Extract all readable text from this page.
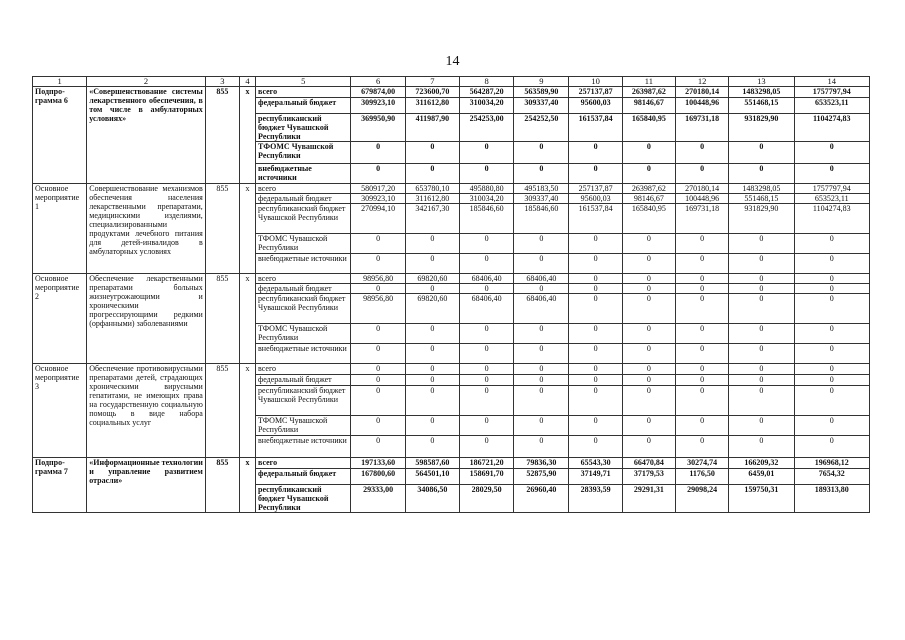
14
1	2	3	4	5	6	7	8	9	10	11	12	13	14
Подпро-грамма 6	«Совершенствование системы лекарственного обеспечения, в том числе в амбулаторных условиях»	855	x	всего	679874,00	723600,70	564287,20	563589,90	257137,87	263987,62	270180,14	1483298,05	1757797,94
				федеральный бюджет	309923,10	311612,80	310034,20	309337,40	95600,03	98146,67	100448,96	551468,15	653523,11
				республиканский бюджет Чувашской Республики	369950,90	411987,90	254253,00	254252,50	161537,84	165840,95	169731,18	931829,90	1104274,83
				ТФОМС Чувашской Республики	0	0	0	0	0	0	0	0	0
				внебюджетные источники	0	0	0	0	0	0	0	0	0
Основное мероприятие 1	Совершенствование механизмов обеспечения населения лекарственными препаратами, медицинскими изделиями, специализированными продуктами лечебного питания для детей-инвалидов в амбулаторных условиях	855	x	всего	580917,20	653780,10	495880,80	495183,50	257137,87	263987,62	270180,14	1483298,05	1757797,94
				федеральный бюджет	309923,10	311612,80	310034,20	309337,40	95600,03	98146,67	100448,96	551468,15	653523,11
				республиканский бюджет Чувашской Республики	270994,10	342167,30	185846,60	185846,60	161537,84	165840,95	169731,18	931829,90	1104274,83
				ТФОМС Чувашской Республики	0	0	0	0	0	0	0	0	0
				внебюджетные источники	0	0	0	0	0	0	0	0	0
Основное мероприятие 2	Обеспечение лекарственными препаратами больных жизнеугрожающими и хроническими прогрессирующими редкими (орфанными) заболеваниями	855	x	всего	98956,80	69820,60	68406,40	68406,40	0	0	0	0	0
				федеральный бюджет	0	0	0	0	0	0	0	0	0
				республиканский бюджет Чувашской Республики	98956,80	69820,60	68406,40	68406,40	0	0	0	0	0
				ТФОМС Чувашской Республики	0	0	0	0	0	0	0	0	0
				внебюджетные источники	0	0	0	0	0	0	0	0	0
Основное мероприятие 3	Обеспечение противовирусными препаратами детей, страдающих хроническими вирусными гепатитами, не имеющих права на государственную социальную помощь в виде набора социальных услуг	855	x	всего	0	0	0	0	0	0	0	0	0
				федеральный бюджет	0	0	0	0	0	0	0	0	0
				республиканский бюджет Чувашской Республики	0	0	0	0	0	0	0	0	0
				ТФОМС Чувашской Республики	0	0	0	0	0	0	0	0	0
				внебюджетные источники	0	0	0	0	0	0	0	0	0
Подпро-грамма 7	«Информационные технологии и управление развитием отрасли»	855	x	всего	197133,60	598587,60	186721,20	79836,30	65543,30	66470,84	30274,74	166209,32	196968,12
				федеральный бюджет	167800,60	564501,10	158691,70	52875,90	37149,71	37179,53	1176,50	6459,01	7654,32
				республиканский бюджет Чувашской Республики	29333,00	34086,50	28029,50	26960,40	28393,59	29291,31	29098,24	159750,31	189313,80
